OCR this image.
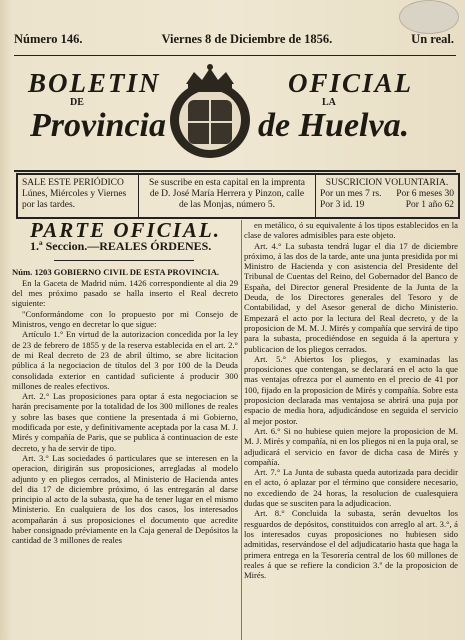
Número 146.	Viernes 8 de Diciembre de 1856.	Un real.
BOLETIN	OFICIAL
DE	LA
Provincia	de Huelva.
SALE ESTE PERIÓDICO
Lúnes, Miércoles y Viernes
por las tardes.
Se suscribe en esta capital en la imprenta
de D. José María Herrera y Pinzon, calle
de las Monjas, número 5.
SUSCRICION VOLUNTARIA.
Por un mes 7 rs. Por 6 meses 30
Por 3 id. 19	Por 1 año 62
PARTE OFICIAL.
1.ª Seccion.—REALES ÓRDENES.

Núm. 1203 GOBIERNO CIVIL DE ESTA PROVINCIA.

En la Gaceta de Madrid núm. 1426 correspondiente al dia 29 del mes próximo pasado se halla inserto el Real decreto siguiente:

"Conformándome con lo propuesto por mi Consejo de Ministros, vengo en decretar lo que sigue:

Artículo 1.° En virtud de la autorizacion concedida por la ley de 23 de febrero de 1855 y de la reserva establecida en el art. 2.° de mi Real decreto de 23 de abril último, se abre licitacion pública á la negociacion de títulos del 3 por 100 de la Deuda consolidada exterior en cantidad suficiente á producir 300 millones de reales efectivos.

Art. 2.° Las proposiciones para optar á esta negociacion se harán precisamente por la totalidad de los 300 millones de reales y sobre las bases que contiene la presentada á mi Gobierno, modificada por este, y definitivamente aceptada por la casa M. J. Mirés y compañía de Paris, que se publica á continuacion de este decreto, y ha de servir de tipo.

Art. 3.° Las sociedades ó particulares que se interesen en la operacion, dirigirán sus proposiciones, arregladas al modelo adjunto y en pliegos cerrados, al Ministerio de Hacienda antes del dia 17 de diciembre próximo, ó las entregarán al darse principio al acto de la subasta, que ha de tener lugar en el mismo Ministerio. En cualquiera de los dos casos, los interesados acompañarán á sus proposiciones el documento que acredite haber consignado préviamente en la Caja general de Depósitos la cantidad de 3 millones de reales

en metálico, ó su equivalente á los tipos establecidos en la clase de valores admisibles para este objeto.

Art. 4.° La subasta tendrá lugar el dia 17 de diciembre próximo, á las dos de la tarde, ante una junta presidida por mi Ministro de Hacienda y con asistencia del Presidente del Tribunal de Cuentas del Reino, del Gobernador del Banco de España, del Director general Presidente de la Junta de la Deuda, de los Directores generales del Tesoro y de Contabilidad, y del Asesor general de dicho Ministerio. Empezará el acto por la lectura del Real decreto, y de la proposicion de M. M. J. Mirés y compañía que servirá de tipo para la subasta, procediéndose en seguida á la apertura y publicacion de los pliegos cerrados.

Art. 5.° Abiertos los pliegos, y examinadas las proposiciones que contengan, se declarará en el acto la que mas ventajas ofrezca por el aumento en el precio de 41 por 100, fijado en la proposicion de Mirés y compañía. Sobre esta proposicion declarada mas ventajosa se abrirá una puja por espacio de media hora, adjudicándose en seguida el servicio al mejor postor.

Art. 6.° Si no hubiese quien mejore la proposicion de M. M. J. Mirés y compañía, ni en los pliegos ni en la puja oral, se adjudicará el servicio en favor de dicha casa de Mirés y compañía.

Art. 7.° La Junta de subasta queda autorizada para decidir en el acto, ó aplazar por el término que considere necesario, no excediendo de 24 horas, la resolucion de cualesquiera dudas que se susciten para la adjudicacion.

Art. 8.° Concluida la subasta, serán devueltos los resguardos de depósitos, constituidos con arreglo al art. 3.°, á los interesados cuyas proposiciones no hubiesen sido admitidas, reservándose el del adjudicatario hasta que haga la primera entrega en la Tesorería central de los 60 millones de reales á que se refiere la condicion 3.ª de la proposicion de Mirés.
